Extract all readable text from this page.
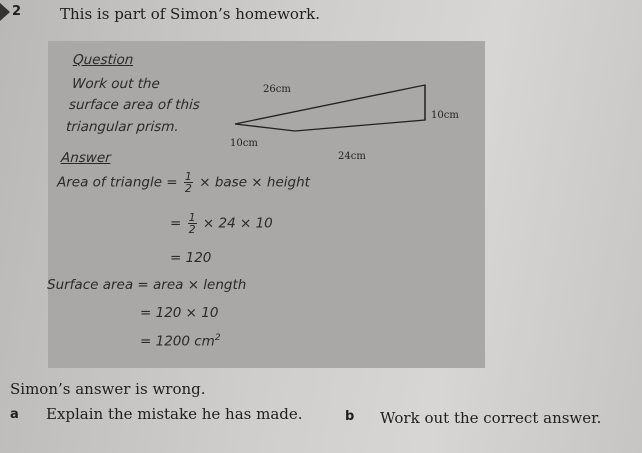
2	This is part of Simon’s homework.
Question
Work out the
surface area of this
triangular prism.
26cm
10cm
10cm
24cm
Answer
Area of triangle = $\frac{1}{2}$ × base × height
= $\frac{1}{2} \times 24 \times 10$
= 120
Surface area = area × length
= 120 × 10
= 1200 $cm^2$
Simon’s answer is wrong.
a Explain the mistake he has made.	b Work out the correct answer.
